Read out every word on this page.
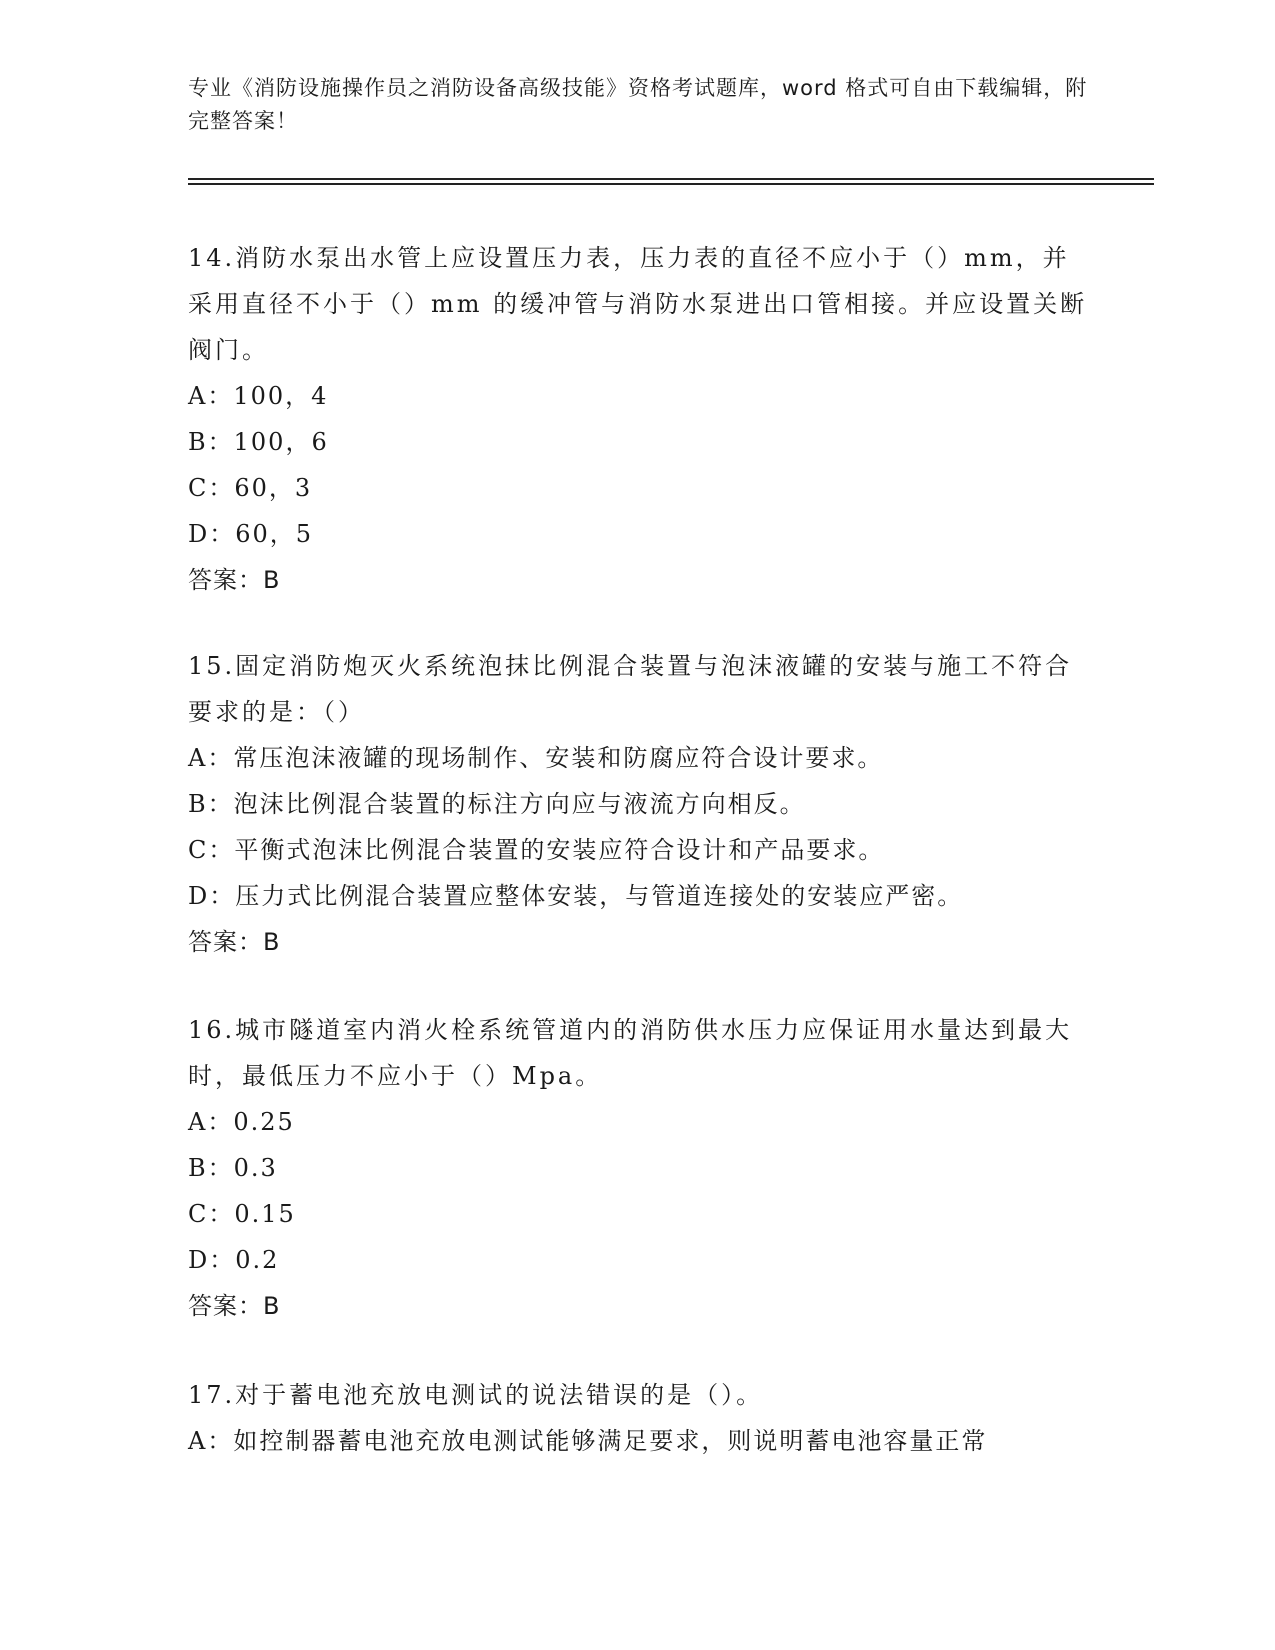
专业《消防设施操作员之消防设备高级技能》资格考试题库，word 格式可自由下载编辑，附完整答案！

14.消防水泵出水管上应设置压力表，压力表的直径不应小于（）mm，并采用直径不小于（）mm 的缓冲管与消防水泵进出口管相接。并应设置关断阀门。

A：100，4

B：100，6

C：60，3

D：60，5

答案：B

15.固定消防炮灭火系统泡抹比例混合装置与泡沫液罐的安装与施工不符合要求的是：（）

A：常压泡沫液罐的现场制作、安装和防腐应符合设计要求。

B：泡沫比例混合装置的标注方向应与液流方向相反。

C：平衡式泡沫比例混合装置的安装应符合设计和产品要求。

D：压力式比例混合装置应整体安装，与管道连接处的安装应严密。

答案：B

16.城市隧道室内消火栓系统管道内的消防供水压力应保证用水量达到最大时，最低压力不应小于（）Mpa。

A：0.25

B：0.3

C：0.15

D：0.2

答案：B

17.对于蓄电池充放电测试的说法错误的是（）。

A：如控制器蓄电池充放电测试能够满足要求，则说明蓄电池容量正常
